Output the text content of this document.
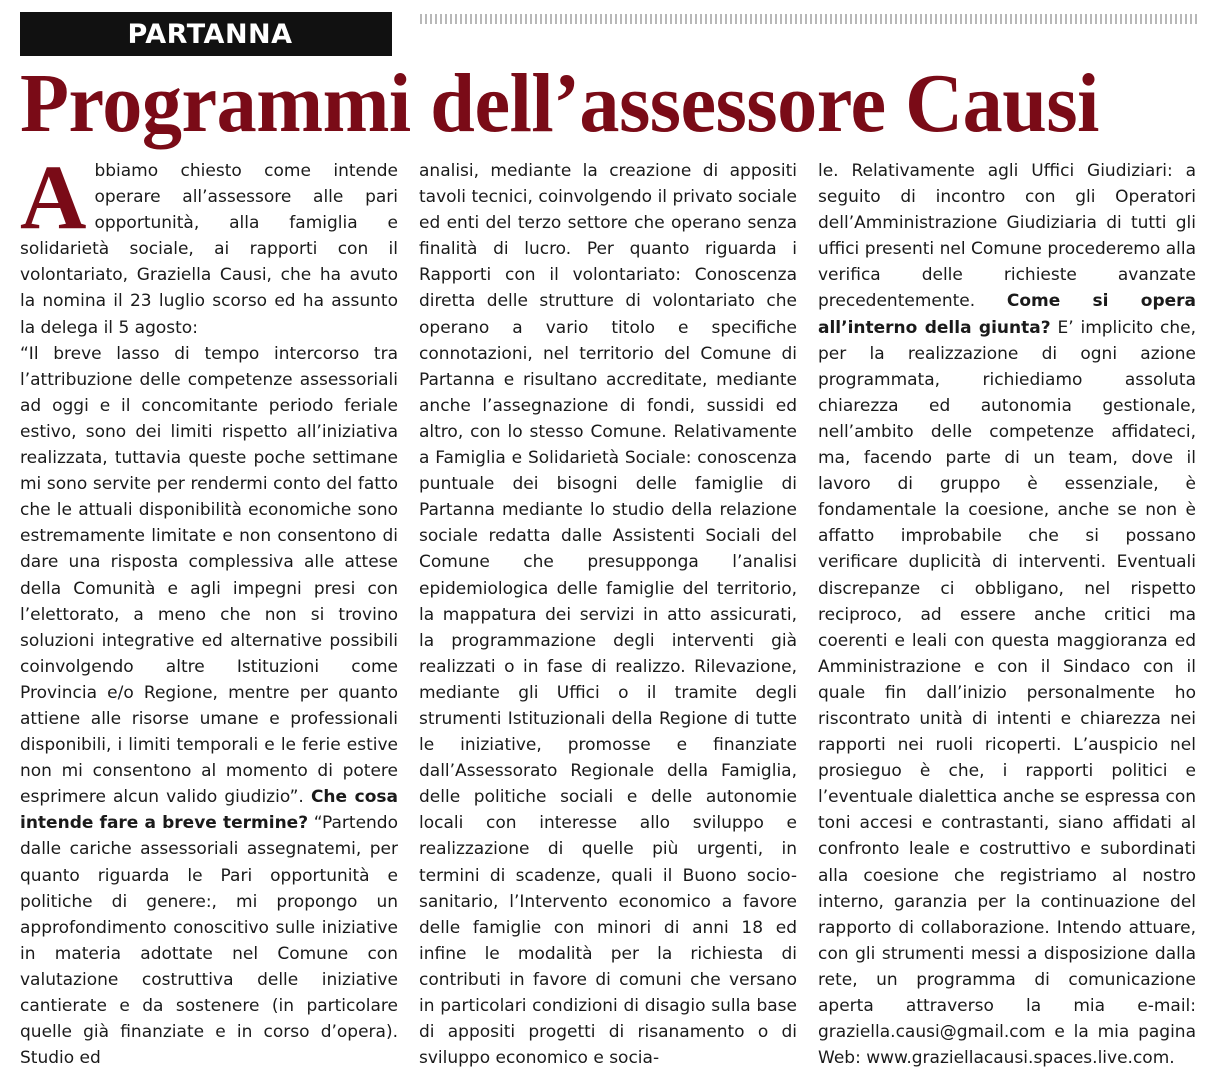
PARTANNA
Programmi dell’assessore Causi

Abbiamo chiesto come intende operare all’assessore alle pari opportunità, alla famiglia e solidarietà sociale, ai rapporti con il volontariato, Graziella Causi, che ha avuto la nomina il 23 luglio scorso ed ha assunto la delega il 5 agosto:

“Il breve lasso di tempo intercorso tra l’attribuzione delle competenze assessoriali ad oggi e il concomitante periodo feriale estivo, sono dei limiti rispetto all’iniziativa realizzata, tuttavia queste poche settimane mi sono servite per rendermi conto del fatto che le attuali disponibilità economiche sono estremamente limitate e non consentono di dare una risposta complessiva alle attese della Comunità e agli impegni presi con l’elettorato, a meno che non si trovino soluzioni integrative ed alternative possibili coinvolgendo altre Istituzioni come Provincia e/o Regione, mentre per quanto attiene alle risorse umane e professionali disponibili, i limiti temporali e le ferie estive non mi consentono al momento di potere esprimere alcun valido giudizio”. Che cosa intende fare a breve termine? “Partendo dalle cariche assessoriali assegnatemi, per quanto riguarda le Pari opportunità e politiche di genere:, mi propongo un approfondimento conoscitivo sulle iniziative in materia adottate nel Comune con valutazione costruttiva delle iniziative cantierate e da sostenere (in particolare quelle già finanziate e in corso d’opera). Studio ed

analisi, mediante la creazione di appositi tavoli tecnici, coinvolgendo il privato sociale ed enti del terzo settore che operano senza finalità di lucro. Per quanto riguarda i Rapporti con il volontariato: Conoscenza diretta delle strutture di volontariato che operano a vario titolo e specifiche connotazioni, nel territorio del Comune di Partanna e risultano accreditate, mediante anche l’assegnazione di fondi, sussidi ed altro, con lo stesso Comune. Relativamente a Famiglia e Solidarietà Sociale: conoscenza puntuale dei bisogni delle famiglie di Partanna mediante lo studio della relazione sociale redatta dalle Assistenti Sociali del Comune che presupponga l’analisi epidemiologica delle famiglie del territorio, la mappatura dei servizi in atto assicurati, la programmazione degli interventi già realizzati o in fase di realizzo. Rilevazione, mediante gli Uffici o il tramite degli strumenti Istituzionali della Regione di tutte le iniziative, promosse e finanziate dall’Assessorato Regionale della Famiglia, delle politiche sociali e delle autonomie locali con interesse allo sviluppo e realizzazione di quelle più urgenti, in termini di scadenze, quali il Buono socio-sanitario, l’Intervento economico a favore delle famiglie con minori di anni 18 ed infine le modalità per la richiesta di contributi in favore di comuni che versano in particolari condizioni di disagio sulla base di appositi progetti di risanamento o di sviluppo economico e socia-

le. Relativamente agli Uffici Giudiziari: a seguito di incontro con gli Operatori dell’Amministrazione Giudiziaria di tutti gli uffici presenti nel Comune procederemo alla verifica delle richieste avanzate precedentemente. Come si opera all’interno della giunta? E’ implicito che, per la realizzazione di ogni azione programmata, richiediamo assoluta chiarezza ed autonomia gestionale, nell’ambito delle competenze affidateci, ma, facendo parte di un team, dove il lavoro di gruppo è essenziale, è fondamentale la coesione, anche se non è affatto improbabile che si possano verificare duplicità di interventi. Eventuali discrepanze ci obbligano, nel rispetto reciproco, ad essere anche critici ma coerenti e leali con questa maggioranza ed Amministrazione e con il Sindaco con il quale fin dall’inizio personalmente ho riscontrato unità di intenti e chiarezza nei rapporti nei ruoli ricoperti. L’auspicio nel prosieguo è che, i rapporti politici e l’eventuale dialettica anche se espressa con toni accesi e contrastanti, siano affidati al confronto leale e costruttivo e subordinati alla coesione che registriamo al nostro interno, garanzia per la continuazione del rapporto di collaborazione. Intendo attuare, con gli strumenti messi a disposizione dalla rete, un programma di comunicazione aperta attraverso la mia e-mail: graziella.causi@gmail.com e la mia pagina Web: www.graziellacausi.spaces.live.com.
